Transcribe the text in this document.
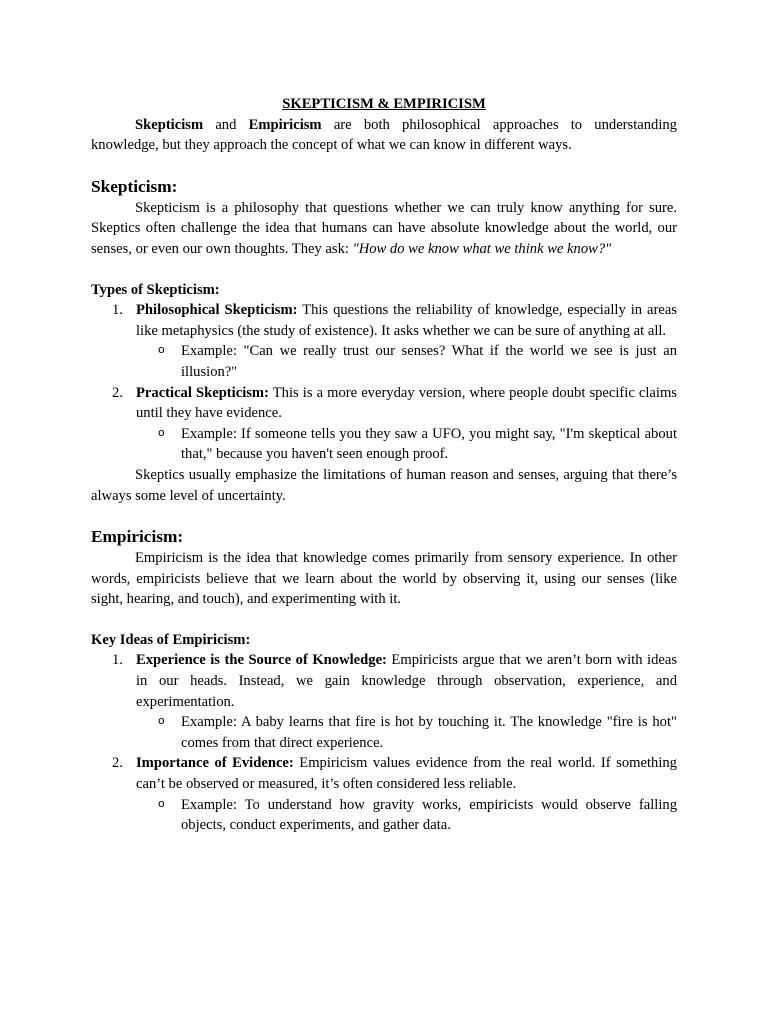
SKEPTICISM & EMPIRICISM

Skepticism and Empiricism are both philosophical approaches to understanding knowledge, but they approach the concept of what we can know in different ways.

Skepticism:

Skepticism is a philosophy that questions whether we can truly know anything for sure. Skeptics often challenge the idea that humans can have absolute knowledge about the world, our senses, or even our own thoughts. They ask: "How do we know what we think we know?"

Types of Skepticism:

1. Philosophical Skepticism: This questions the reliability of knowledge, especially in areas like metaphysics (the study of existence). It asks whether we can be sure of anything at all.
o Example: "Can we really trust our senses? What if the world we see is just an illusion?"
2. Practical Skepticism: This is a more everyday version, where people doubt specific claims until they have evidence.
o Example: If someone tells you they saw a UFO, you might say, "I'm skeptical about that," because you haven't seen enough proof.

Skeptics usually emphasize the limitations of human reason and senses, arguing that there’s always some level of uncertainty.

Empiricism:

Empiricism is the idea that knowledge comes primarily from sensory experience. In other words, empiricists believe that we learn about the world by observing it, using our senses (like sight, hearing, and touch), and experimenting with it.

Key Ideas of Empiricism:

1. Experience is the Source of Knowledge: Empiricists argue that we aren’t born with ideas in our heads. Instead, we gain knowledge through observation, experience, and experimentation.
o Example: A baby learns that fire is hot by touching it. The knowledge "fire is hot" comes from that direct experience.
2. Importance of Evidence: Empiricism values evidence from the real world. If something can’t be observed or measured, it’s often considered less reliable.
o Example: To understand how gravity works, empiricists would observe falling objects, conduct experiments, and gather data.
